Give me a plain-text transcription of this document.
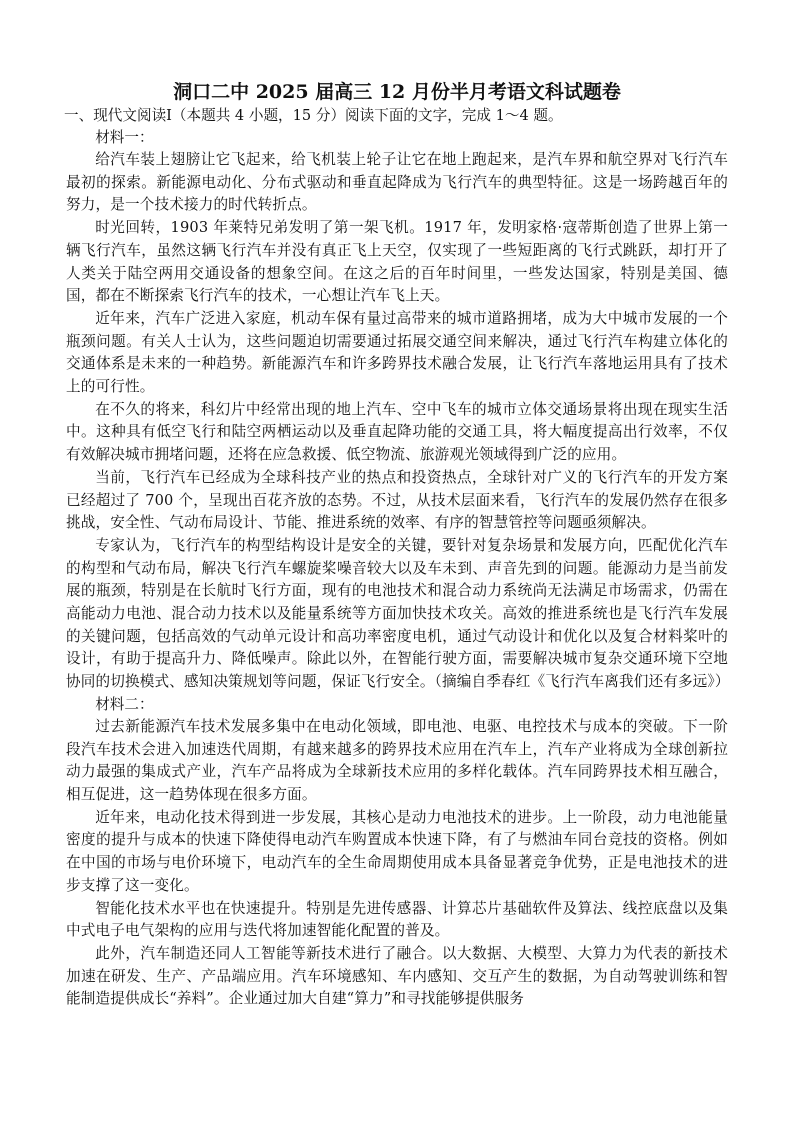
洞口二中 2025 届高三 12 月份半月考语文科试题卷

一、现代文阅读Ⅰ（本题共 4 小题，15 分）阅读下面的文字，完成 1～4 题。

材料一：

给汽车装上翅膀让它飞起来，给飞机装上轮子让它在地上跑起来，是汽车界和航空界对飞行汽车最初的探索。新能源电动化、分布式驱动和垂直起降成为飞行汽车的典型特征。这是一场跨越百年的努力，是一个技术接力的时代转折点。

时光回转，1903 年莱特兄弟发明了第一架飞机。1917 年，发明家格·寇蒂斯创造了世界上第一辆飞行汽车，虽然这辆飞行汽车并没有真正飞上天空，仅实现了一些短距离的飞行式跳跃，却打开了人类关于陆空两用交通设备的想象空间。在这之后的百年时间里，一些发达国家，特别是美国、德国，都在不断探索飞行汽车的技术，一心想让汽车飞上天。

近年来，汽车广泛进入家庭，机动车保有量过高带来的城市道路拥堵，成为大中城市发展的一个瓶颈问题。有关人士认为，这些问题迫切需要通过拓展交通空间来解决，通过飞行汽车构建立体化的交通体系是未来的一种趋势。新能源汽车和许多跨界技术融合发展，让飞行汽车落地运用具有了技术上的可行性。

在不久的将来，科幻片中经常出现的地上汽车、空中飞车的城市立体交通场景将出现在现实生活中。这种具有低空飞行和陆空两栖运动以及垂直起降功能的交通工具，将大幅度提高出行效率，不仅有效解决城市拥堵问题，还将在应急救援、低空物流、旅游观光领域得到广泛的应用。

当前，飞行汽车已经成为全球科技产业的热点和投资热点，全球针对广义的飞行汽车的开发方案已经超过了 700 个，呈现出百花齐放的态势。不过，从技术层面来看，飞行汽车的发展仍然存在很多挑战，安全性、气动布局设计、节能、推进系统的效率、有序的智慧管控等问题亟须解决。

专家认为，飞行汽车的构型结构设计是安全的关键，要针对复杂场景和发展方向，匹配优化汽车的构型和气动布局，解决飞行汽车螺旋桨噪音较大以及车未到、声音先到的问题。能源动力是当前发展的瓶颈，特别是在长航时飞行方面，现有的电池技术和混合动力系统尚无法满足市场需求，仍需在高能动力电池、混合动力技术以及能量系统等方面加快技术攻关。高效的推进系统也是飞行汽车发展的关键问题，包括高效的气动单元设计和高功率密度电机，通过气动设计和优化以及复合材料桨叶的设计，有助于提高升力、降低噪声。除此以外，在智能行驶方面，需要解决城市复杂交通环境下空地协同的切换模式、感知决策规划等问题，保证飞行安全。（摘编自季春红《飞行汽车离我们还有多远》）

材料二：

过去新能源汽车技术发展多集中在电动化领域，即电池、电驱、电控技术与成本的突破。下一阶段汽车技术会进入加速迭代周期，有越来越多的跨界技术应用在汽车上，汽车产业将成为全球创新拉动力最强的集成式产业，汽车产品将成为全球新技术应用的多样化载体。汽车同跨界技术相互融合，相互促进，这一趋势体现在很多方面。

近年来，电动化技术得到进一步发展，其核心是动力电池技术的进步。上一阶段，动力电池能量密度的提升与成本的快速下降使得电动汽车购置成本快速下降，有了与燃油车同台竞技的资格。例如在中国的市场与电价环境下，电动汽车的全生命周期使用成本具备显著竞争优势，正是电池技术的进步支撑了这一变化。

智能化技术水平也在快速提升。特别是先进传感器、计算芯片基础软件及算法、线控底盘以及集中式电子电气架构的应用与迭代将加速智能化配置的普及。

此外，汽车制造还同人工智能等新技术进行了融合。以大数据、大模型、大算力为代表的新技术加速在研发、生产、产品端应用。汽车环境感知、车内感知、交互产生的数据，为自动驾驶训练和智能制造提供成长“养料”。企业通过加大自建“算力”和寻找能够提供服务
